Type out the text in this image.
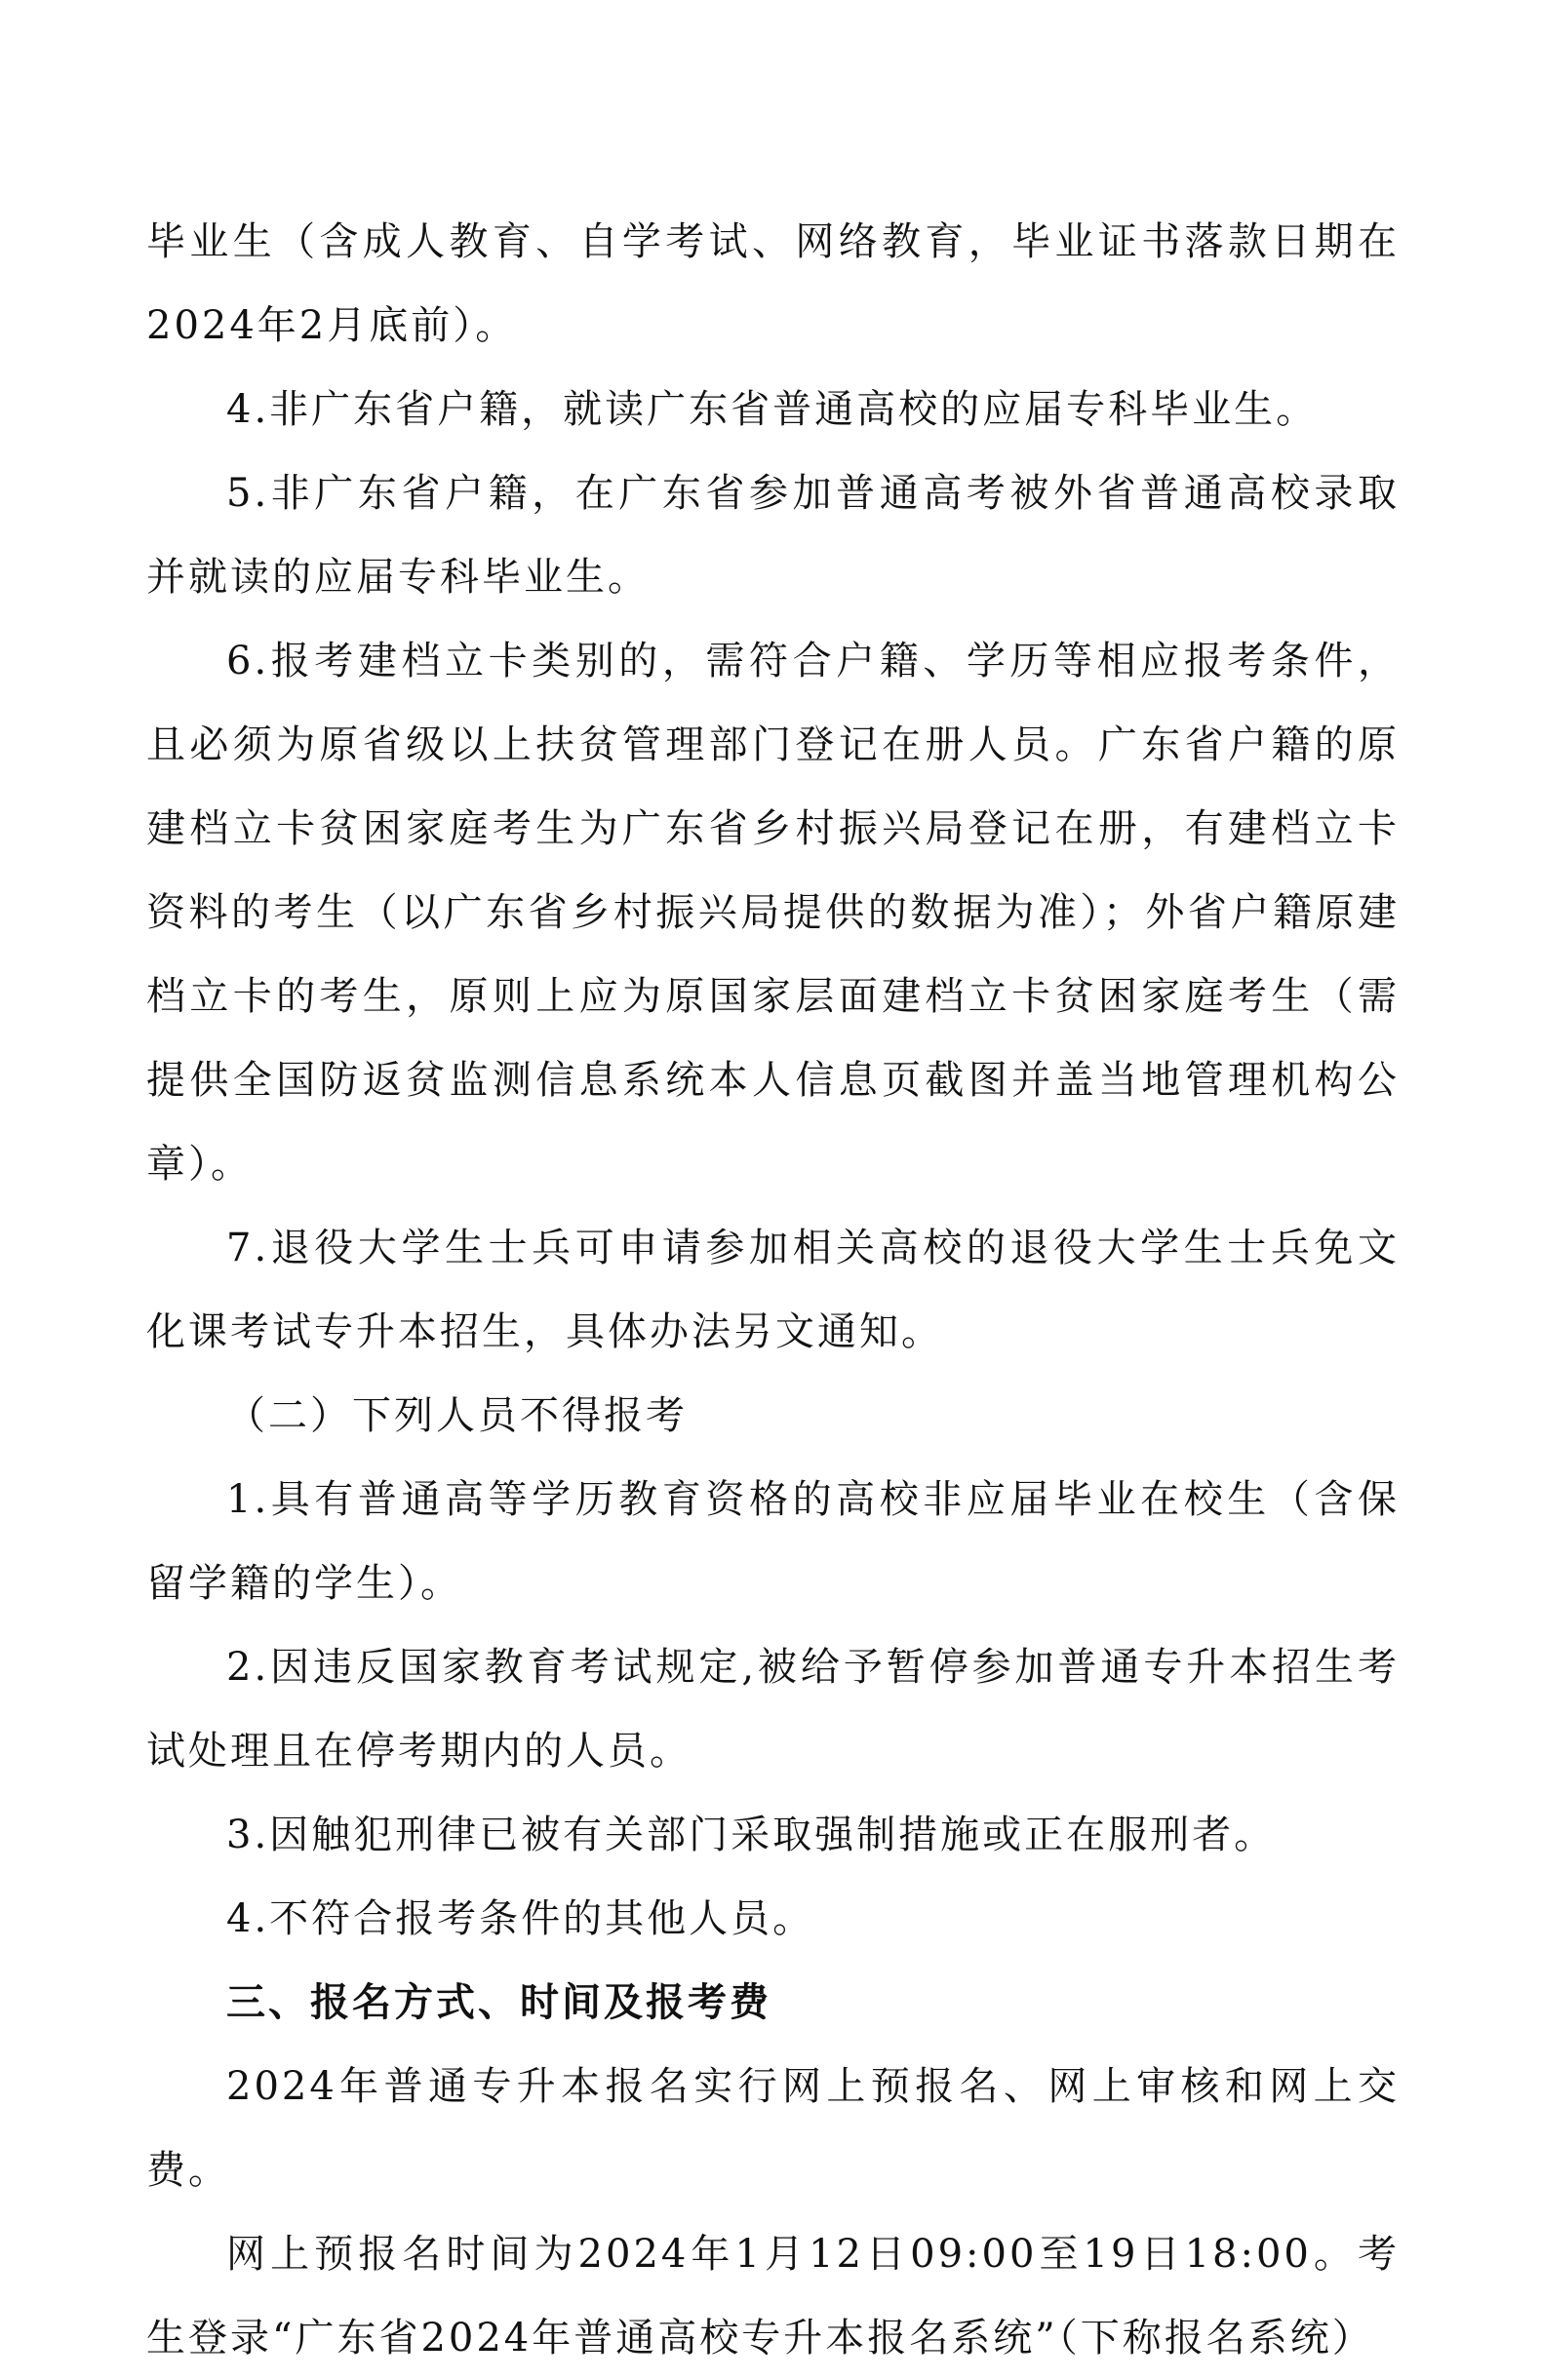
毕业生（含成人教育、自学考试、网络教育，毕业证书落款日期在2024年2月底前）。

4.非广东省户籍，就读广东省普通高校的应届专科毕业生。

5.非广东省户籍，在广东省参加普通高考被外省普通高校录取并就读的应届专科毕业生。

6.报考建档立卡类别的，需符合户籍、学历等相应报考条件，且必须为原省级以上扶贫管理部门登记在册人员。广东省户籍的原建档立卡贫困家庭考生为广东省乡村振兴局登记在册，有建档立卡资料的考生（以广东省乡村振兴局提供的数据为准）；外省户籍原建档立卡的考生，原则上应为原国家层面建档立卡贫困家庭考生（需提供全国防返贫监测信息系统本人信息页截图并盖当地管理机构公章）。

7.退役大学生士兵可申请参加相关高校的退役大学生士兵免文化课考试专升本招生，具体办法另文通知。

（二）下列人员不得报考

1.具有普通高等学历教育资格的高校非应届毕业在校生（含保留学籍的学生）。

2.因违反国家教育考试规定,被给予暂停参加普通专升本招生考试处理且在停考期内的人员。

3.因触犯刑律已被有关部门采取强制措施或正在服刑者。

4.不符合报考条件的其他人员。

三、报名方式、时间及报考费

2024年普通专升本报名实行网上预报名、网上审核和网上交费。

网上预报名时间为2024年1月12日09:00至19日18:00。考生登录“广东省2024年普通高校专升本报名系统”（下称报名系统）
